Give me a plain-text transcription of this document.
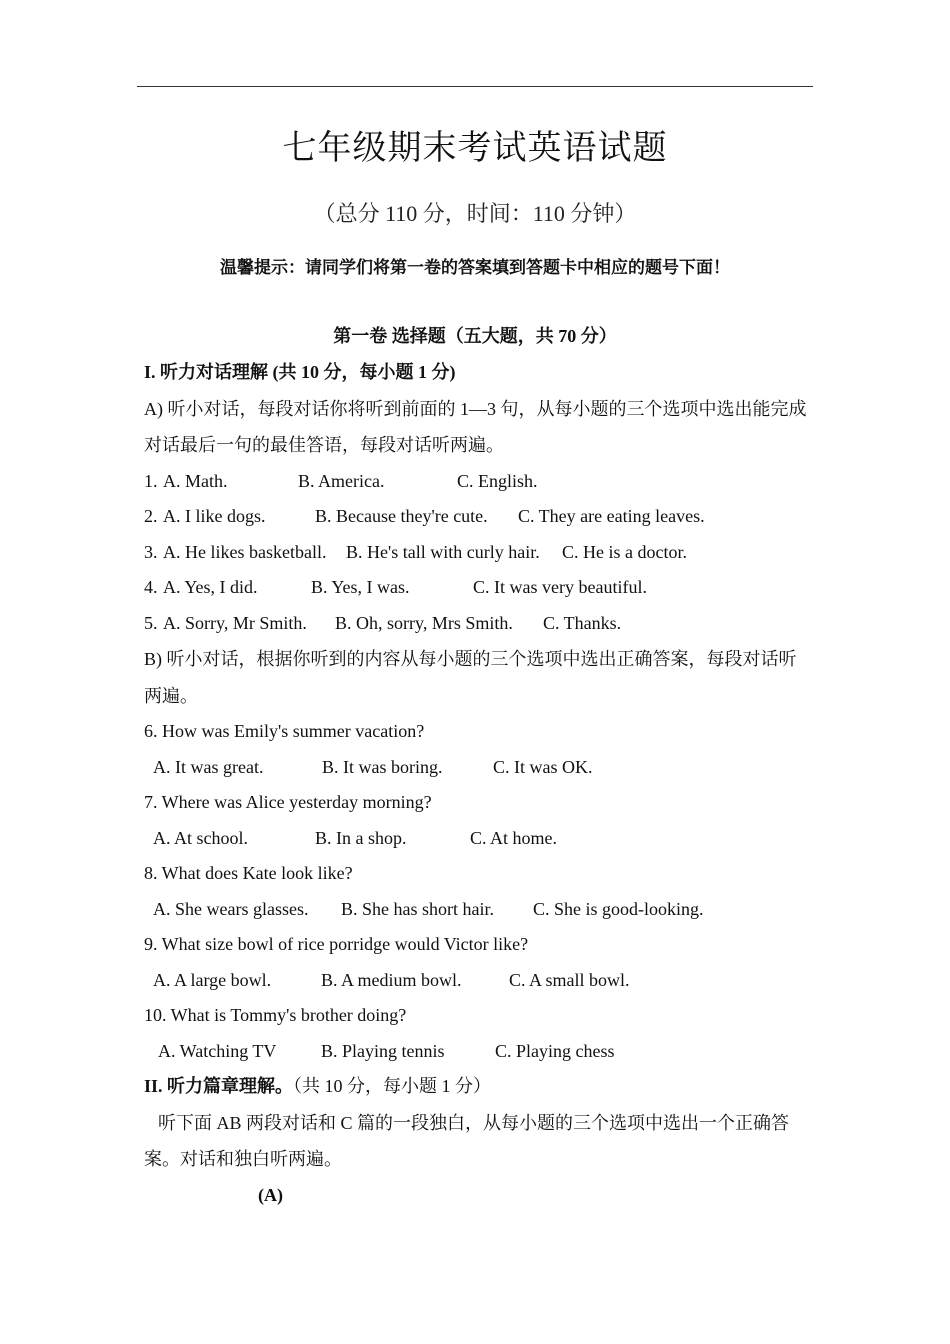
七年级期末考试英语试题
（总分 110 分，时间：110 分钟）
温馨提示：请同学们将第一卷的答案填到答题卡中相应的题号下面！
第一卷 选择题（五大题，共 70 分）
I. 听力对话理解 (共 10 分，每小题 1 分)
A) 听小对话，每段对话你将听到前面的 1—3 句，从每小题的三个选项中选出能完成对话最后一句的最佳答语，每段对话听两遍。
1. A. Math.	B. America.	C. English.
2. A. I like dogs.	B. Because they're cute. C. They are eating leaves.
3. A. He likes basketball. B. He's tall with curly hair. C. He is a doctor.
4. A. Yes, I did.	B. Yes, I was.	C. It was very beautiful.
5. A. Sorry, Mr Smith. B. Oh, sorry, Mrs Smith. C. Thanks.
B) 听小对话，根据你听到的内容从每小题的三个选项中选出正确答案，每段对话听两遍。
6. How was Emily's summer vacation?
A. It was great.	B. It was boring.	C. It was OK.
7. Where was Alice yesterday morning?
A. At school.	B. In a shop.	C. At home.
8. What does Kate look like?
A. She wears glasses. B. She has short hair. C. She is good-looking.
9. What size bowl of rice porridge would Victor like?
A. A large bowl.	B. A medium bowl.	C. A small bowl.
10. What is Tommy's brother doing?
A. Watching TV B. Playing tennis	C. Playing chess
II. 听力篇章理解。（共 10 分，每小题 1 分）
听下面 AB 两段对话和 C 篇的一段独白，从每小题的三个选项中选出一个正确答案。对话和独白听两遍。
(A)
